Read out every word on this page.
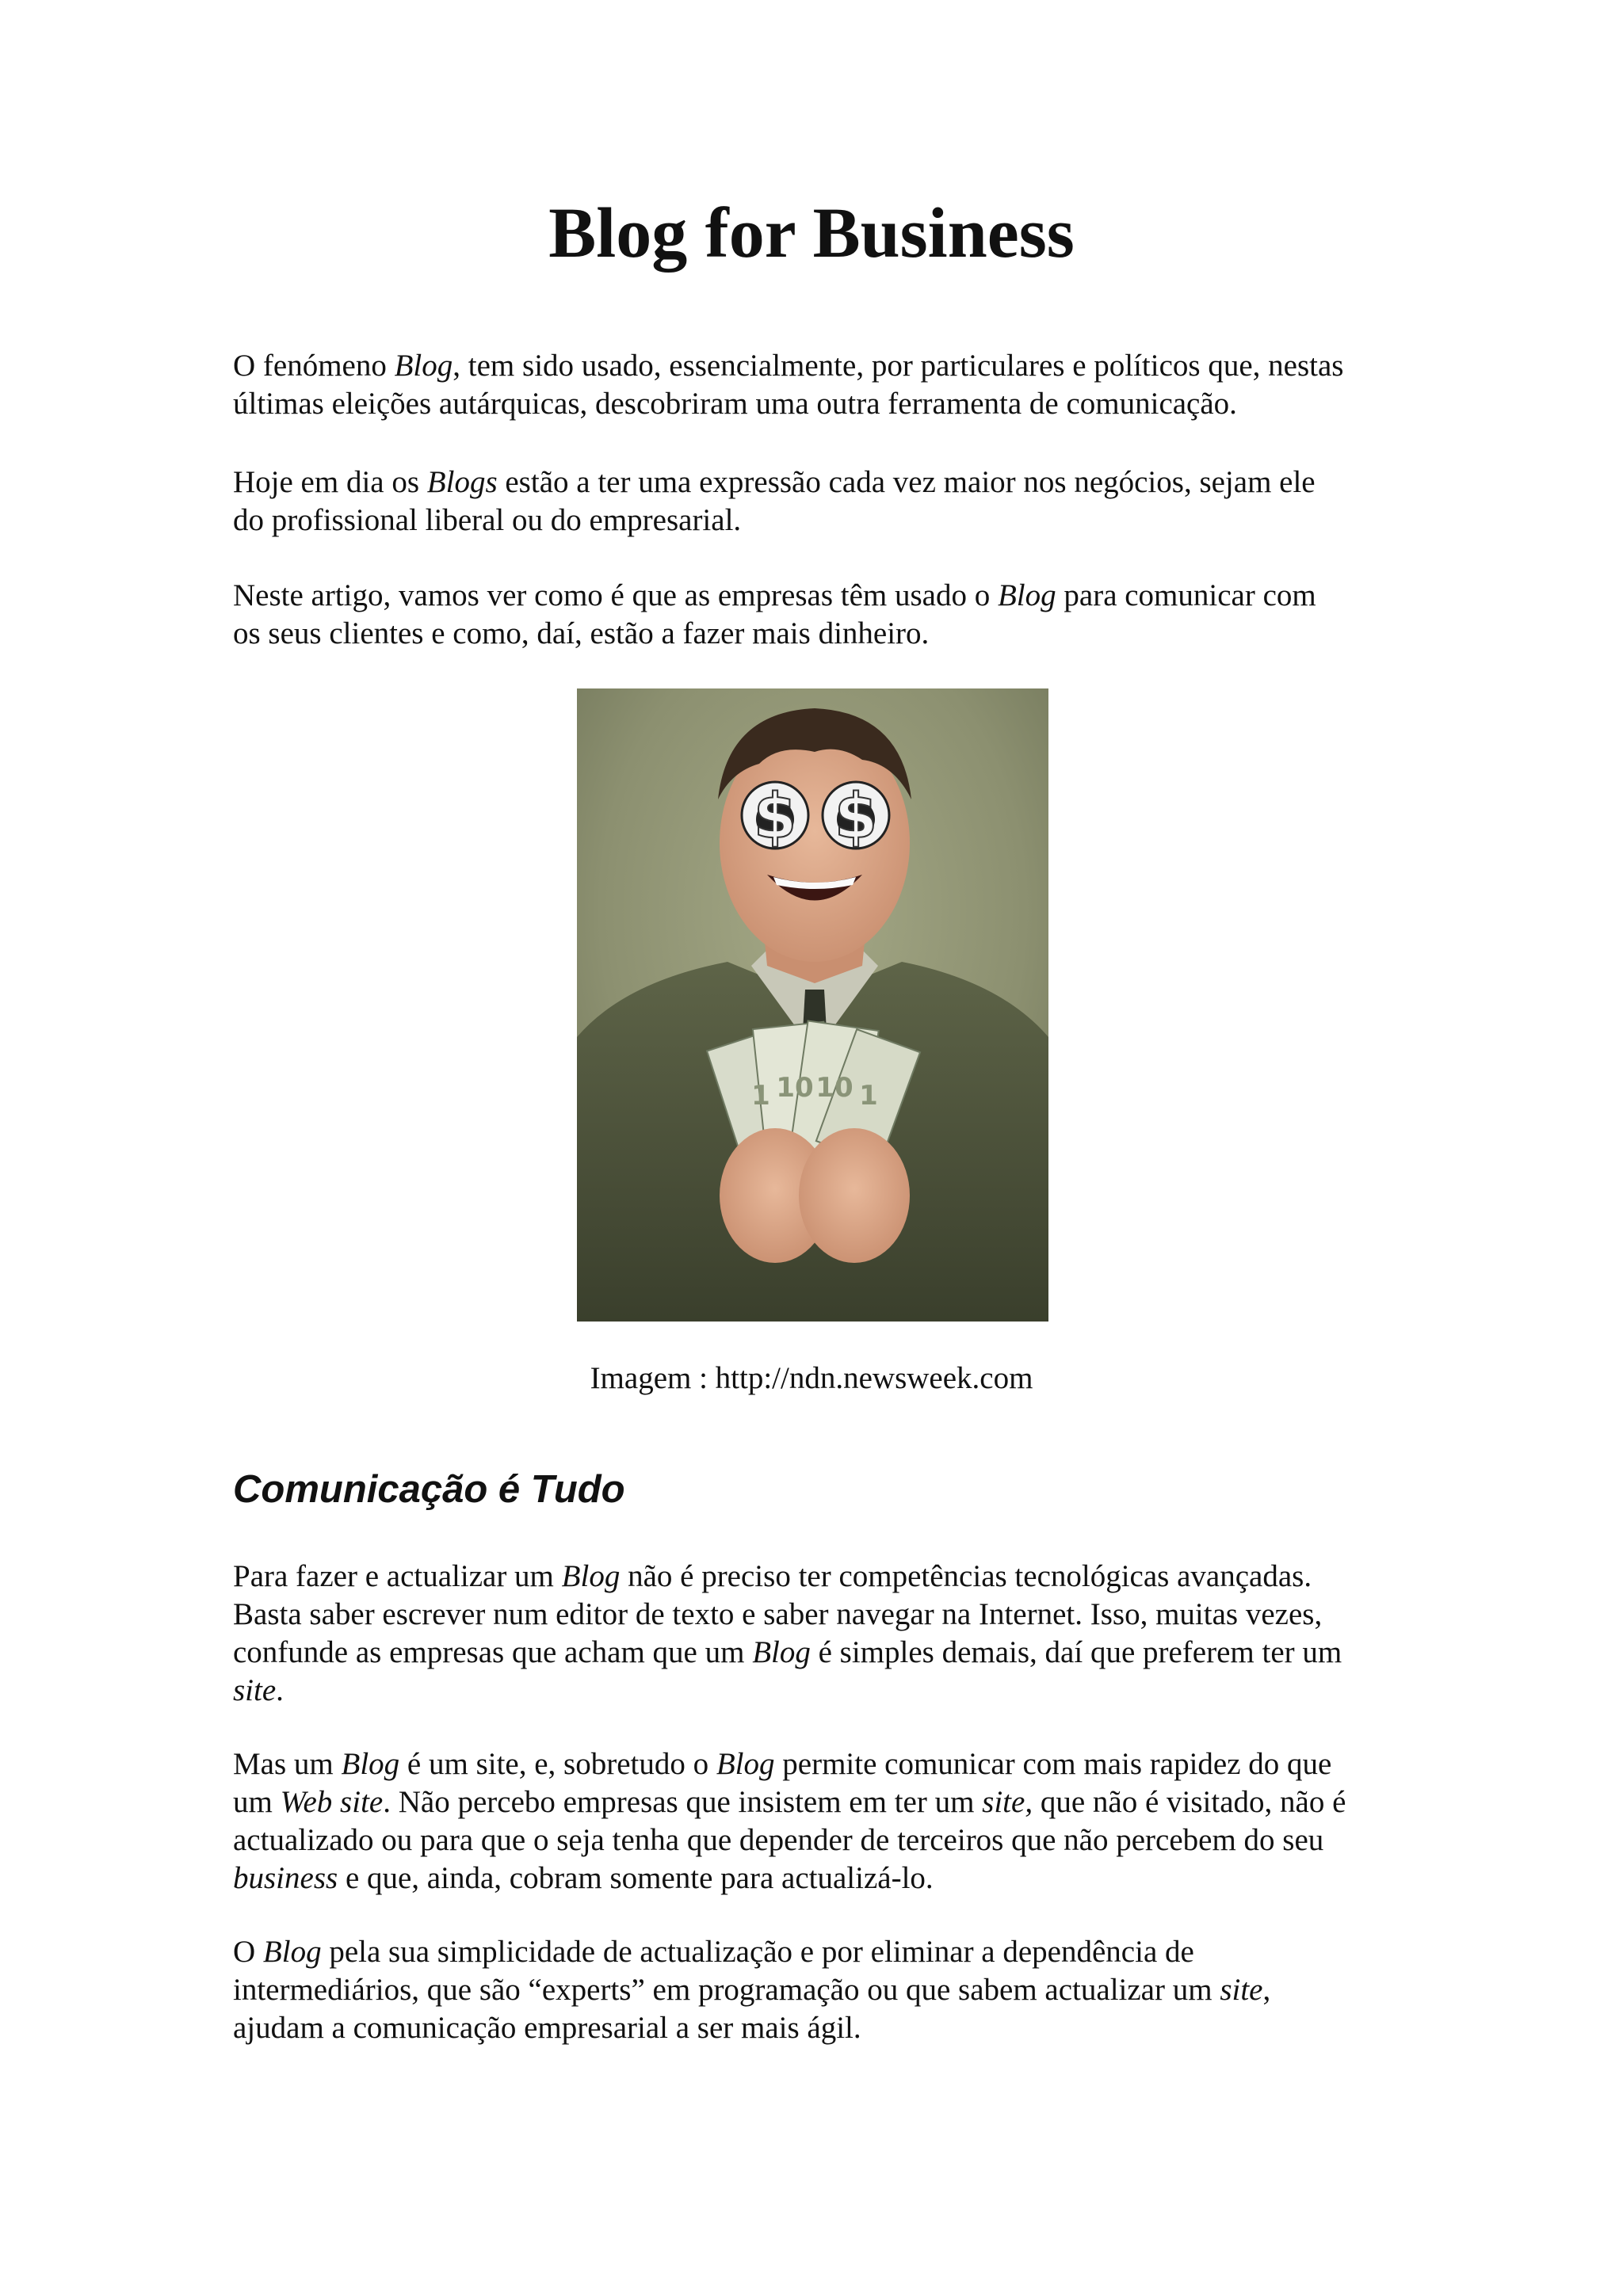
Blog for Business
O fenómeno Blog, tem sido usado, essencialmente, por particulares e políticos que, nestas
últimas eleições autárquicas, descobriram uma outra ferramenta de comunicação.
Hoje em dia os Blogs estão a ter uma expressão cada vez maior nos negócios, sejam ele
do profissional liberal ou do empresarial.
Neste artigo, vamos ver como é que as empresas têm usado o Blog para comunicar com
os seus clientes e como, daí, estão a fazer mais dinheiro.
$ $
1 10 10 1

Imagem : http://ndn.newsweek.com

Comunicação é Tudo
Para fazer e actualizar um Blog não é preciso ter competências tecnológicas avançadas.
Basta saber escrever num editor de texto e saber navegar na Internet. Isso, muitas vezes,
confunde as empresas que acham que um Blog é simples demais, daí que preferem ter um
site.
Mas um Blog é um site, e, sobretudo o Blog permite comunicar com mais rapidez do que
um Web site. Não percebo empresas que insistem em ter um site, que não é visitado, não é
actualizado ou para que o seja tenha que depender de terceiros que não percebem do seu
business e que, ainda, cobram somente para actualizá-lo.
O Blog pela sua simplicidade de actualização e por eliminar a dependência de
intermediários, que são “experts” em programação ou que sabem actualizar um site,
ajudam a comunicação empresarial a ser mais ágil.
